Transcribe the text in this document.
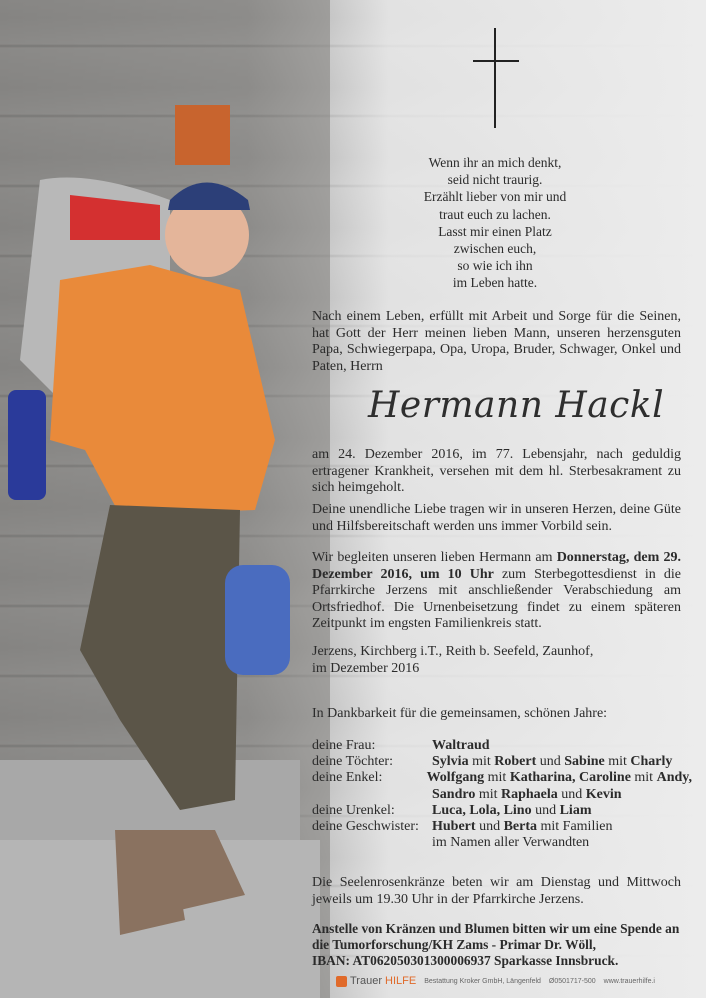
Wenn ihr an mich denkt,
seid nicht traurig.
Erzählt lieber von mir und
traut euch zu lachen.
Lasst mir einen Platz
zwischen euch,
so wie ich ihn
im Leben hatte.
Nach einem Leben, erfüllt mit Arbeit und Sorge für die Seinen, hat Gott der Herr meinen lieben Mann, unseren herzensguten Papa, Schwiegerpapa, Opa, Uropa, Bruder, Schwager, Onkel und Paten, Herrn
Hermann Hackl
am 24. Dezember 2016, im 77. Lebensjahr, nach geduldig ertragener Krankheit, versehen mit dem hl. Sterbesakrament zu sich heimgeholt.
Deine unendliche Liebe tragen wir in unseren Herzen, deine Güte und Hilfsbereitschaft werden uns immer Vorbild sein.
Wir begleiten unseren lieben Hermann am Donnerstag, dem 29. Dezember 2016, um 10 Uhr zum Sterbegottesdienst in die Pfarrkirche Jerzens mit anschließender Verabschiedung am Ortsfriedhof. Die Urnenbeisetzung findet zu einem späteren Zeitpunkt im engsten Familienkreis statt.
Jerzens, Kirchberg i.T., Reith b. Seefeld, Zaunhof,
im Dezember 2016
In Dankbarkeit für die gemeinsamen, schönen Jahre:
deine Frau:	Waltraud
deine Töchter:	Sylvia mit Robert und Sabine mit Charly
deine Enkel:	Wolfgang mit Katharina, Caroline mit Andy,
Sandro mit Raphaela und Kevin
deine Urenkel:	Luca, Lola, Lino und Liam
deine Geschwister: Hubert und Berta mit Familien
im Namen aller Verwandten
Die Seelenrosenkränze beten wir am Dienstag und Mittwoch jeweils um 19.30 Uhr in der Pfarrkirche Jerzens.
Anstelle von Kränzen und Blumen bitten wir um eine Spende an
die Tumorforschung/KH Zams - Primar Dr. Wöll,
IBAN: AT062050301300006937 Sparkasse Innsbruck.
Trauer HILFE Bestattung Kroker GmbH, Längenfeld Ø0501717-500 www.trauerhilfe.i
